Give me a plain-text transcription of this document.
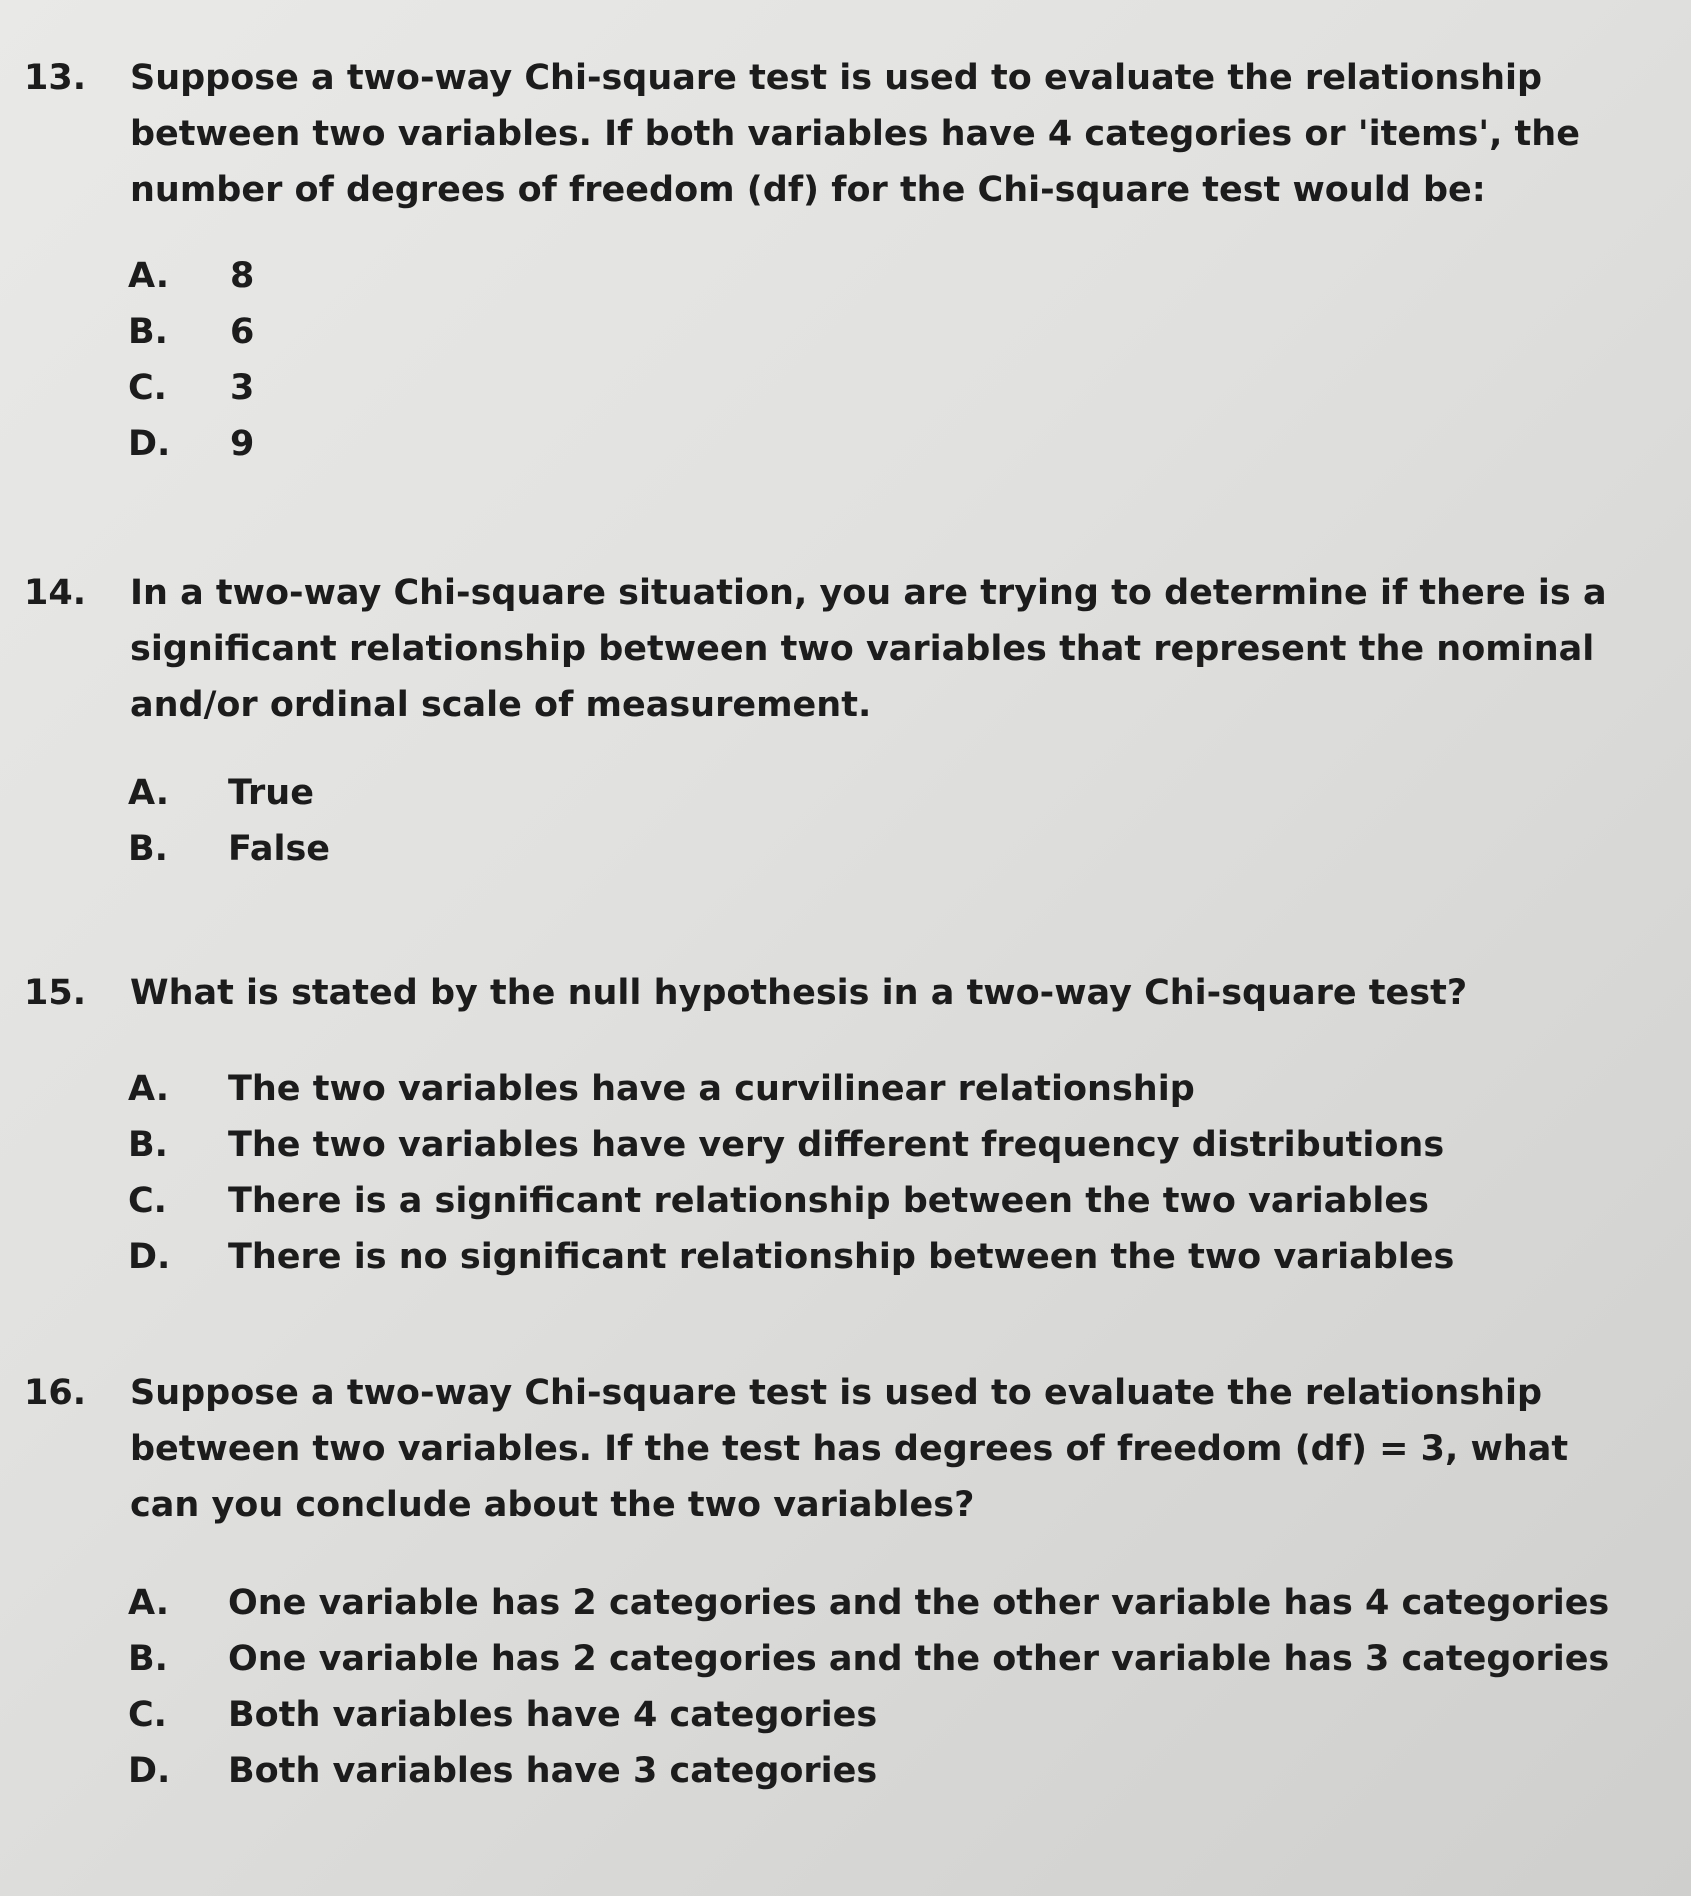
13.	Suppose a two-way Chi-square test is used to evaluate the relationship between two variables. If both variables have 4 categories or 'items', the number of degrees of freedom (df) for the Chi-square test would be:
A.	8
B.	6
C.	3
D.	9
14.	In a two-way Chi-square situation, you are trying to determine if there is a significant relationship between two variables that represent the nominal and/or ordinal scale of measurement.
A.	True
B.	False
15.	What is stated by the null hypothesis in a two-way Chi-square test?
A.	The two variables have a curvilinear relationship
B.	The two variables have very different frequency distributions
C.	There is a significant relationship between the two variables
D.	There is no significant relationship between the two variables
16.	Suppose a two-way Chi-square test is used to evaluate the relationship between two variables. If the test has degrees of freedom (df) = 3, what can you conclude about the two variables?
A.	One variable has 2 categories and the other variable has 4 categories
B.	One variable has 2 categories and the other variable has 3 categories
C.	Both variables have 4 categories
D.	Both variables have 3 categories
